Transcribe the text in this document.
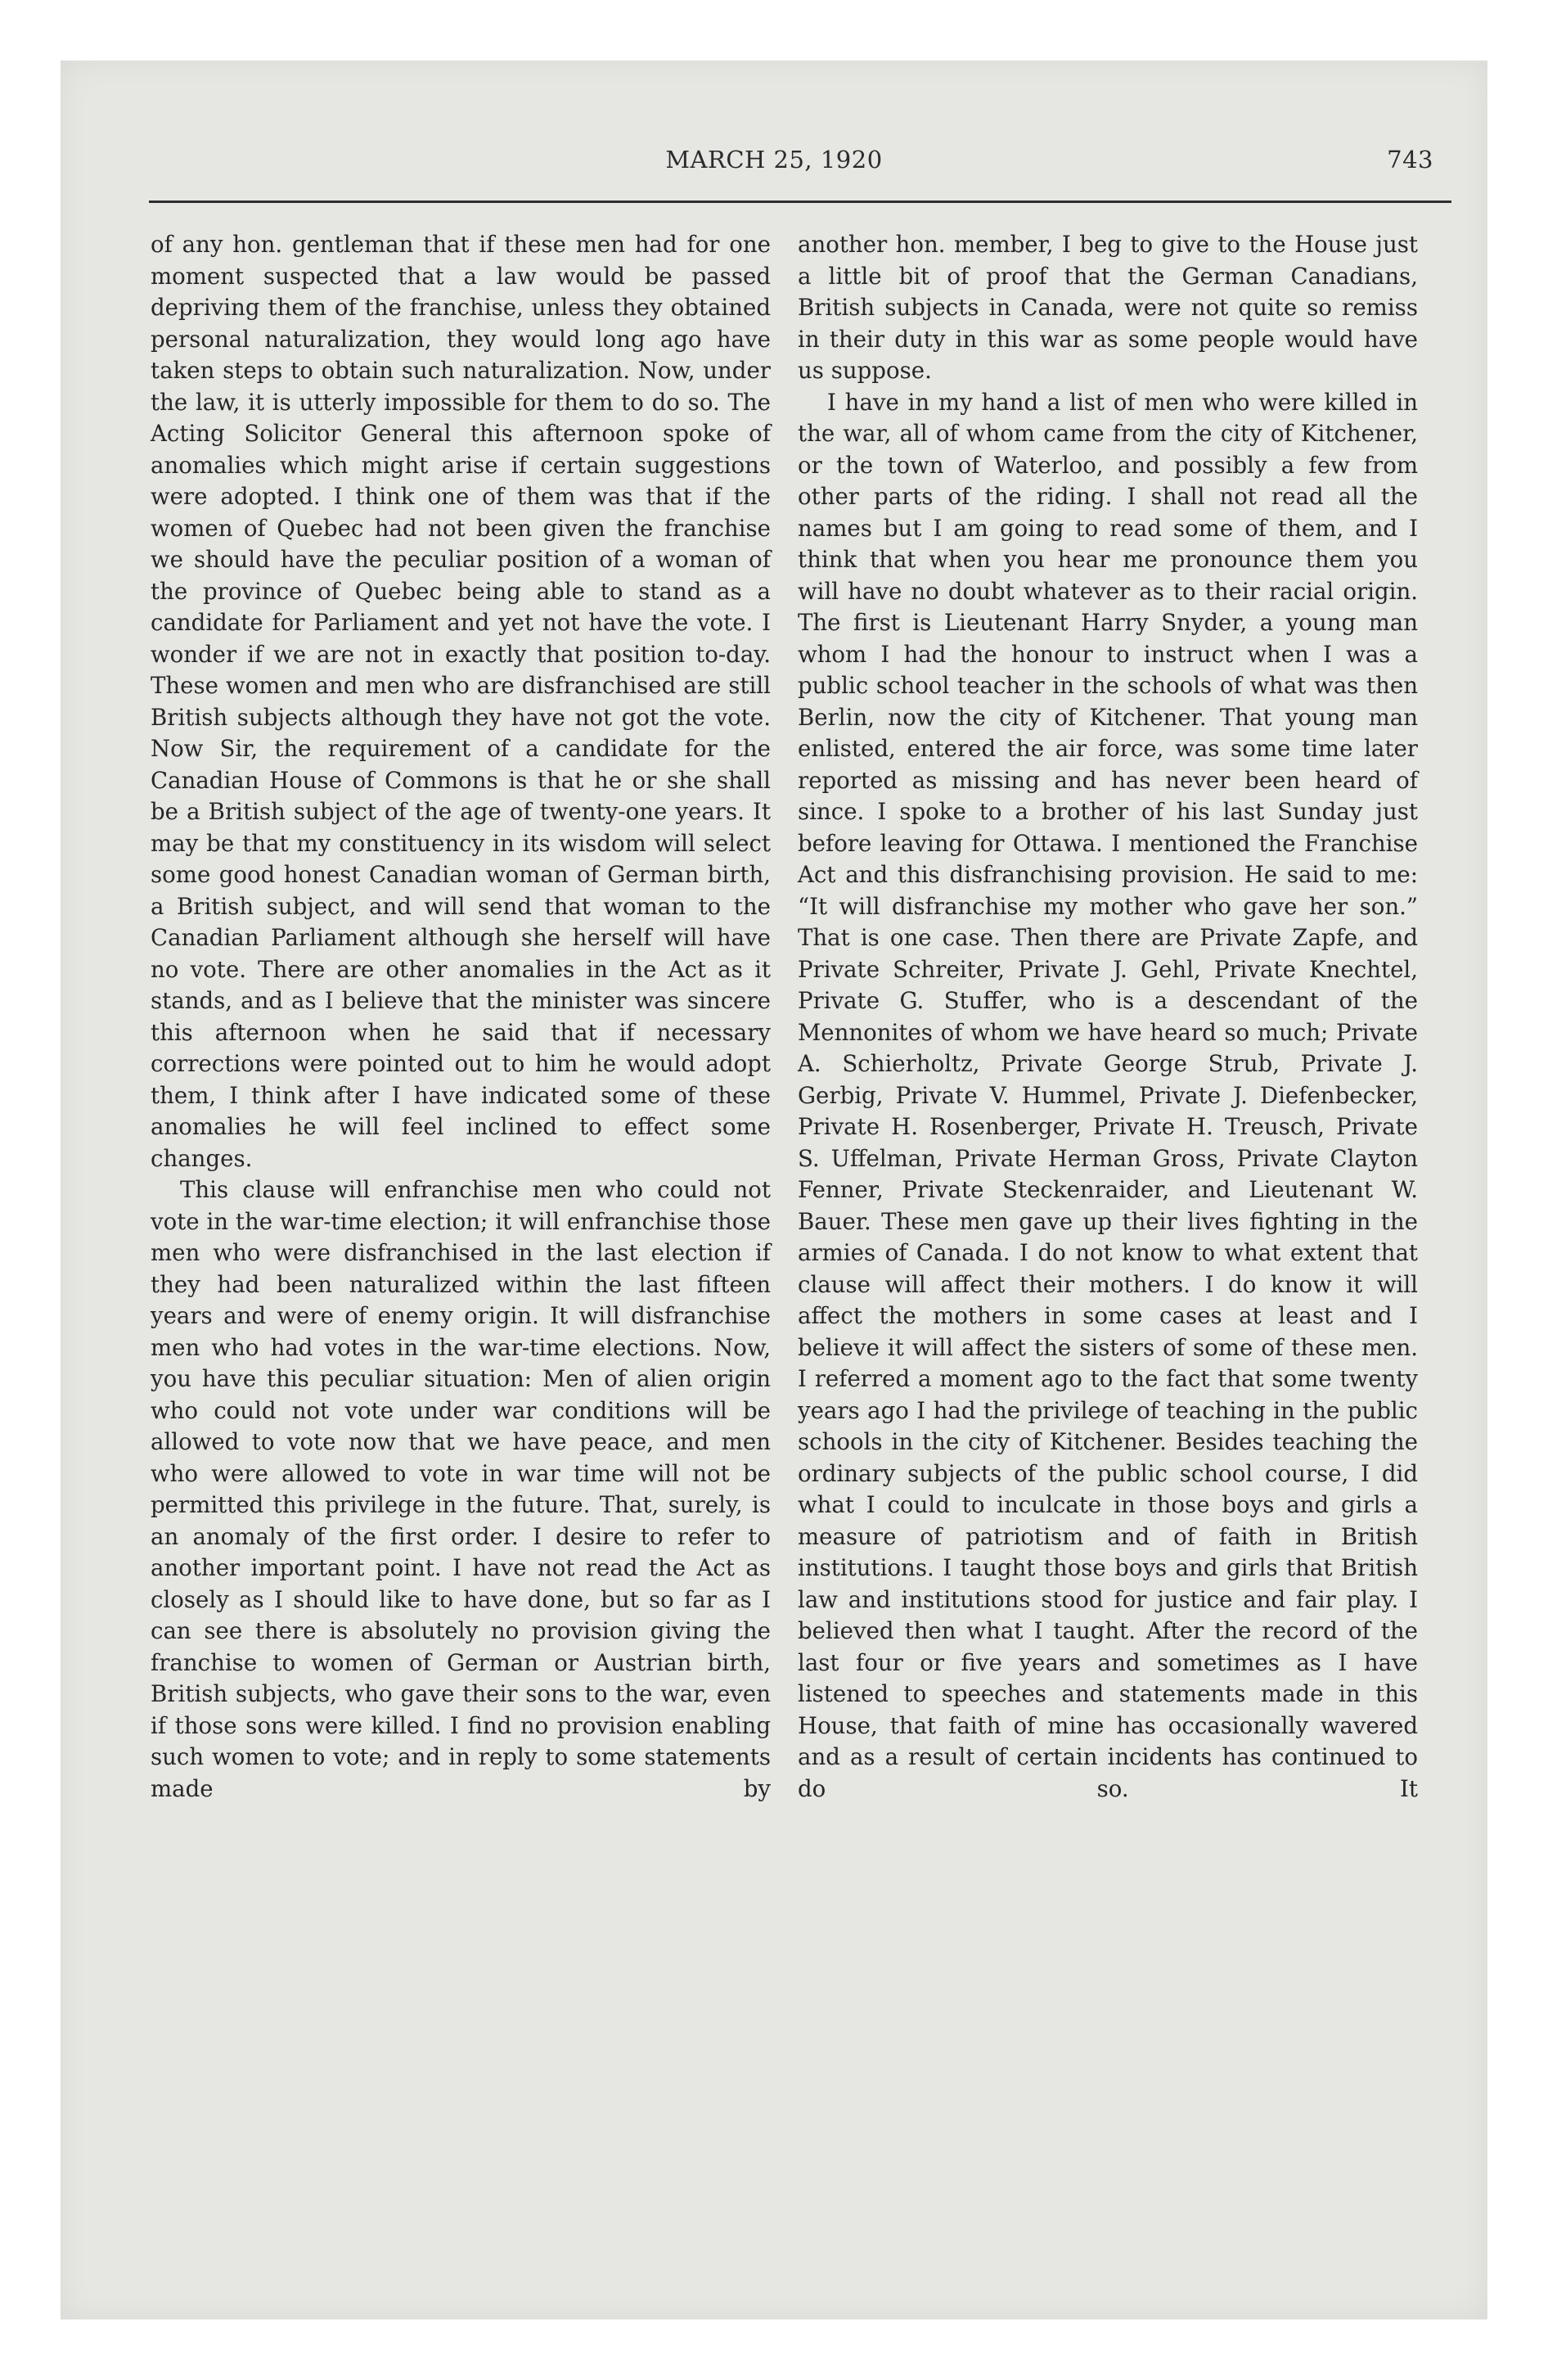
MARCH 25, 1920	743

of any hon. gentleman that if these men had for one moment suspected that a law would be passed depriving them of the franchise, unless they obtained personal naturalization, they would long ago have taken steps to obtain such naturalization. Now, under the law, it is utterly impossible for them to do so. The Acting Solicitor General this afternoon spoke of anomalies which might arise if certain suggestions were adopted. I think one of them was that if the women of Quebec had not been given the franchise we should have the peculiar position of a woman of the province of Quebec being able to stand as a candidate for Parliament and yet not have the vote. I wonder if we are not in exactly that position to-day. These women and men who are disfranchised are still British subjects although they have not got the vote. Now Sir, the requirement of a candidate for the Canadian House of Commons is that he or she shall be a British subject of the age of twenty-one years. It may be that my constituency in its wisdom will select some good honest Canadian woman of German birth, a British subject, and will send that woman to the Canadian Parliament although she herself will have no vote. There are other anomalies in the Act as it stands, and as I believe that the minister was sincere this afternoon when he said that if necessary corrections were pointed out to him he would adopt them, I think after I have indicated some of these anomalies he will feel inclined to effect some changes.

This clause will enfranchise men who could not vote in the war-time election; it will enfranchise those men who were disfranchised in the last election if they had been naturalized within the last fifteen years and were of enemy origin. It will disfranchise men who had votes in the war-time elections. Now, you have this peculiar situation: Men of alien origin who could not vote under war conditions will be allowed to vote now that we have peace, and men who were allowed to vote in war time will not be permitted this privilege in the future. That, surely, is an anomaly of the first order. I desire to refer to another important point. I have not read the Act as closely as I should like to have done, but so far as I can see there is absolutely no provision giving the franchise to women of German or Austrian birth, British subjects, who gave their sons to the war, even if those sons were killed. I find no provision enabling such women to vote; and in reply to some statements made by

another hon. member, I beg to give to the House just a little bit of proof that the German Canadians, British subjects in Canada, were not quite so remiss in their duty in this war as some people would have us suppose.

I have in my hand a list of men who were killed in the war, all of whom came from the city of Kitchener, or the town of Waterloo, and possibly a few from other parts of the riding. I shall not read all the names but I am going to read some of them, and I think that when you hear me pronounce them you will have no doubt whatever as to their racial origin. The first is Lieutenant Harry Snyder, a young man whom I had the honour to instruct when I was a public school teacher in the schools of what was then Berlin, now the city of Kitchener. That young man enlisted, entered the air force, was some time later reported as missing and has never been heard of since. I spoke to a brother of his last Sunday just before leaving for Ottawa. I mentioned the Franchise Act and this disfranchising provision. He said to me: “It will disfranchise my mother who gave her son.” That is one case. Then there are Private Zapfe, and Private Schreiter, Private J. Gehl, Private Knechtel, Private G. Stuffer, who is a descendant of the Mennonites of whom we have heard so much; Private A. Schierholtz, Private George Strub, Private J. Gerbig, Private V. Hummel, Private J. Diefenbecker, Private H. Rosenberger, Private H. Treusch, Private S. Uffelman, Private Herman Gross, Private Clayton Fenner, Private Steckenraider, and Lieutenant W. Bauer. These men gave up their lives fighting in the armies of Canada. I do not know to what extent that clause will affect their mothers. I do know it will affect the mothers in some cases at least and I believe it will affect the sisters of some of these men. I referred a moment ago to the fact that some twenty years ago I had the privilege of teaching in the public schools in the city of Kitchener. Besides teaching the ordinary subjects of the public school course, I did what I could to inculcate in those boys and girls a measure of patriotism and of faith in British institutions. I taught those boys and girls that British law and institutions stood for justice and fair play. I believed then what I taught. After the record of the last four or five years and sometimes as I have listened to speeches and statements made in this House, that faith of mine has occasionally wavered and as a result of certain incidents has continued to do so. It
